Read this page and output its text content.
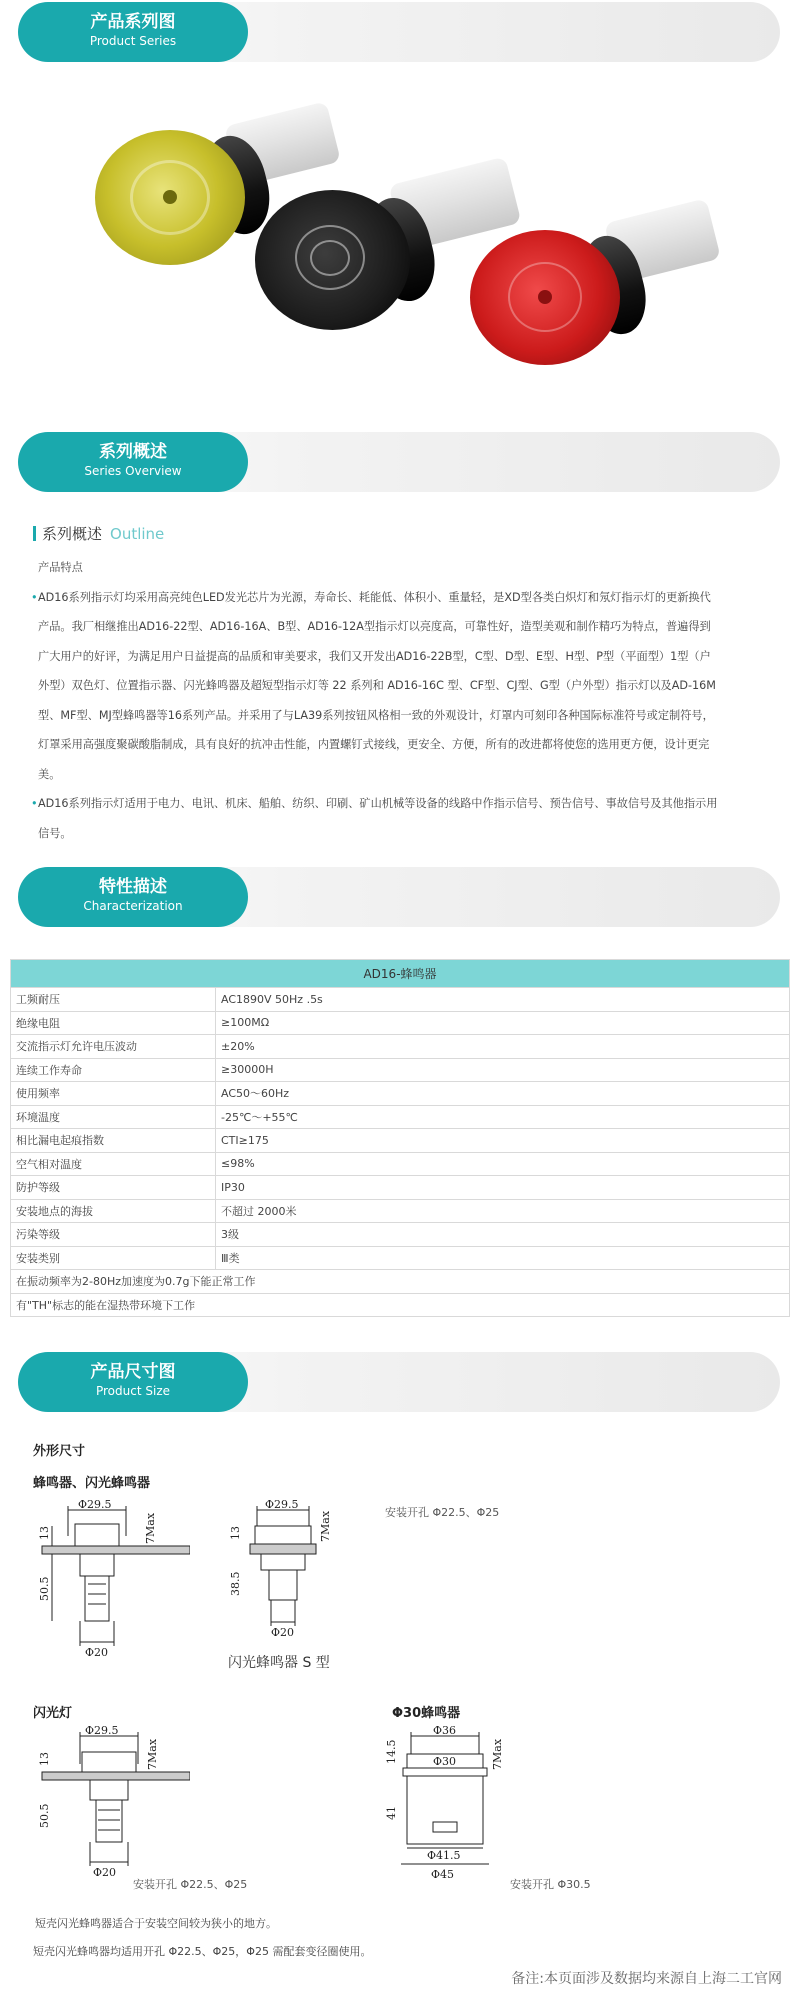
产品系列图
Product Series
系列概述
Series Overview
系列概述 Outline
产品特点
• AD16系列指示灯均采用高亮纯色LED发光芯片为光源，寿命长、耗能低、体积小、重量轻，是XD型各类白炽灯和氖灯指示灯的更新换代产品。我厂相继推出AD16-22型、AD16-16A、B型、AD16-12A型指示灯以亮度高，可靠性好，造型美观和制作精巧为特点，普遍得到广大用户的好评，为满足用户日益提高的品质和审美要求，我们又开发出AD16-22B型，C型、D型、E型、H型、P型（平面型）1型（户外型）双色灯、位置指示器、闪光蜂鸣器及超短型指示灯等 22 系列和 AD16-16C 型、CF型、CJ型、G型（户外型）指示灯以及AD-16M型、MF型、MJ型蜂鸣器等16系列产品。并采用了与LA39系列按钮风格相一致的外观设计，灯罩内可刻印各种国际标准符号或定制符号，灯罩采用高强度聚碳酸脂制成，具有良好的抗冲击性能，内置螺钉式接线，更安全、方便，所有的改进都将使您的选用更方便，设计更完美。
• AD16系列指示灯适用于电力、电讯、机床、船舶、纺织、印刷、矿山机械等设备的线路中作指示信号、预告信号、事故信号及其他指示用信号。
特性描述
Characterization
AD16-蜂鸣器	
工频耐压	AC1890V 50Hz .5s
绝缘电阻	≥100MΩ
交流指示灯允许电压波动	±20%
连续工作寿命	≥30000H
使用频率	AC50～60Hz
环境温度	-25℃～+55℃
相比漏电起痕指数	CTI≥175
空气相对温度	≤98%
防护等级	IP30
安装地点的海拔	不超过 2000米
污染等级	3级
安装类别	Ⅲ类
在振动频率为2-80Hz加速度为0.7g下能正常工作	
有"TH"标志的能在湿热带环境下工作	
产品尺寸图
Product Size
外形尺寸
蜂鸣器、闪光蜂鸣器
Φ29.5
Φ20
13
50.5
7Max
Φ29.5
Φ20
13
38.5
7Max	安装开孔 Φ22.5、Φ25
闪光蜂鸣器 S 型
闪光灯	Φ30蜂鸣器
Φ29.5
Φ20
13
50.5
7Max
安装开孔 Φ22.5、Φ25
Φ36
Φ30
Φ41.5
Φ45
14.5
41
7Max
安装开孔 Φ30.5
短壳闪光蜂鸣器适合于安装空间较为狭小的地方。
短壳闪光蜂鸣器均适用开孔 Φ22.5、Φ25，Φ25 需配套变径圈使用。
备注:本页面涉及数据均来源自上海二工官网
